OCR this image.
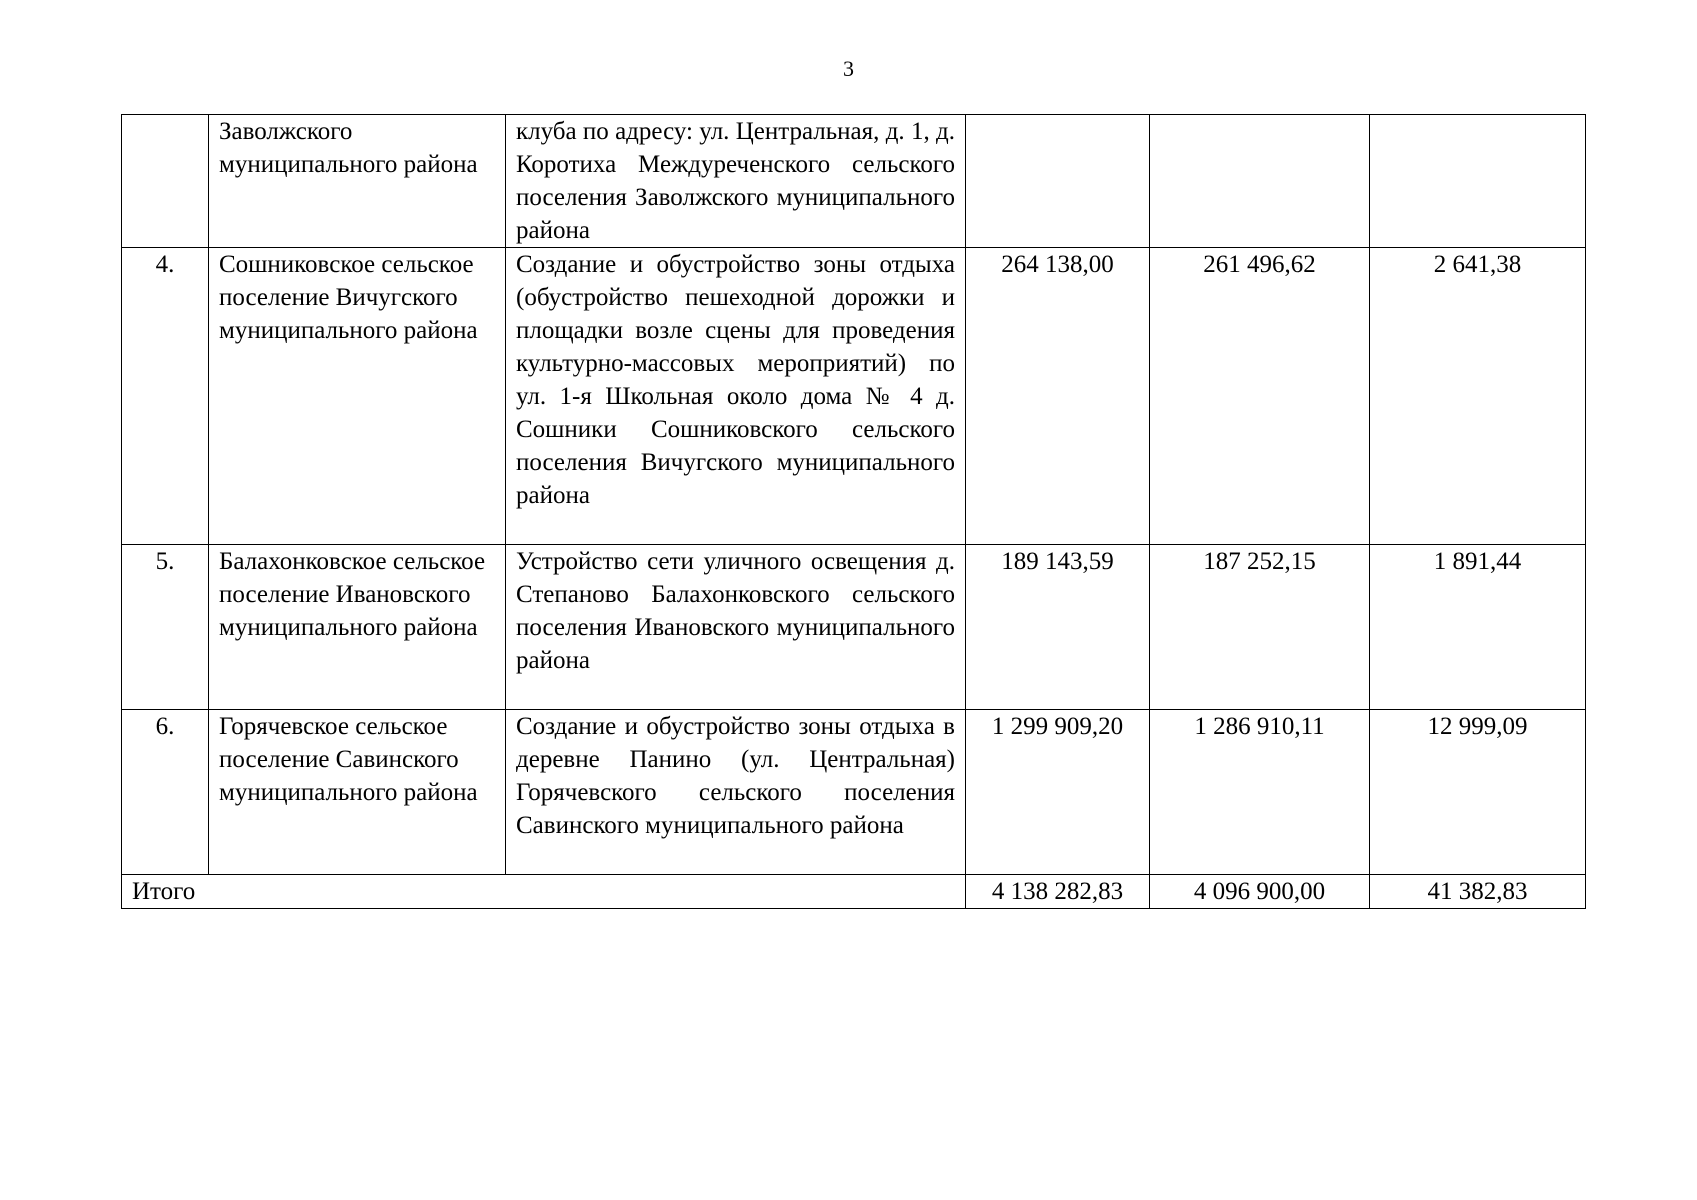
3
	Заволжского муниципального района	клуба по адресу: ул. Центральная, д. 1, д. Коротиха Междуреченского сельского поселения Заволжского муниципального района			
4.	Сошниковское сельское поселение Вичугского муниципального района	Создание и обустройство зоны отдыха (обустройство пешеходной дорожки и площадки возле сцены для проведения культурно-массовых мероприятий) по ул. 1-я Школьная около дома № 4 д. Сошники Сошниковского сельского поселения Вичугского муниципального района	264 138,00	261 496,62	2 641,38
5.	Балахонковское сельское поселение Ивановского муниципального района	Устройство сети уличного освещения д. Степаново Балахонковского сельского поселения Ивановского муниципального района	189 143,59	187 252,15	1 891,44
6.	Горячевское сельское поселение Савинского муниципального района	Создание и обустройство зоны отдыха в деревне Панино (ул. Центральная) Горячевского сельского поселения Савинского муниципального района	1 299 909,20	1 286 910,11	12 999,09
Итого			4 138 282,83	4 096 900,00	41 382,83
